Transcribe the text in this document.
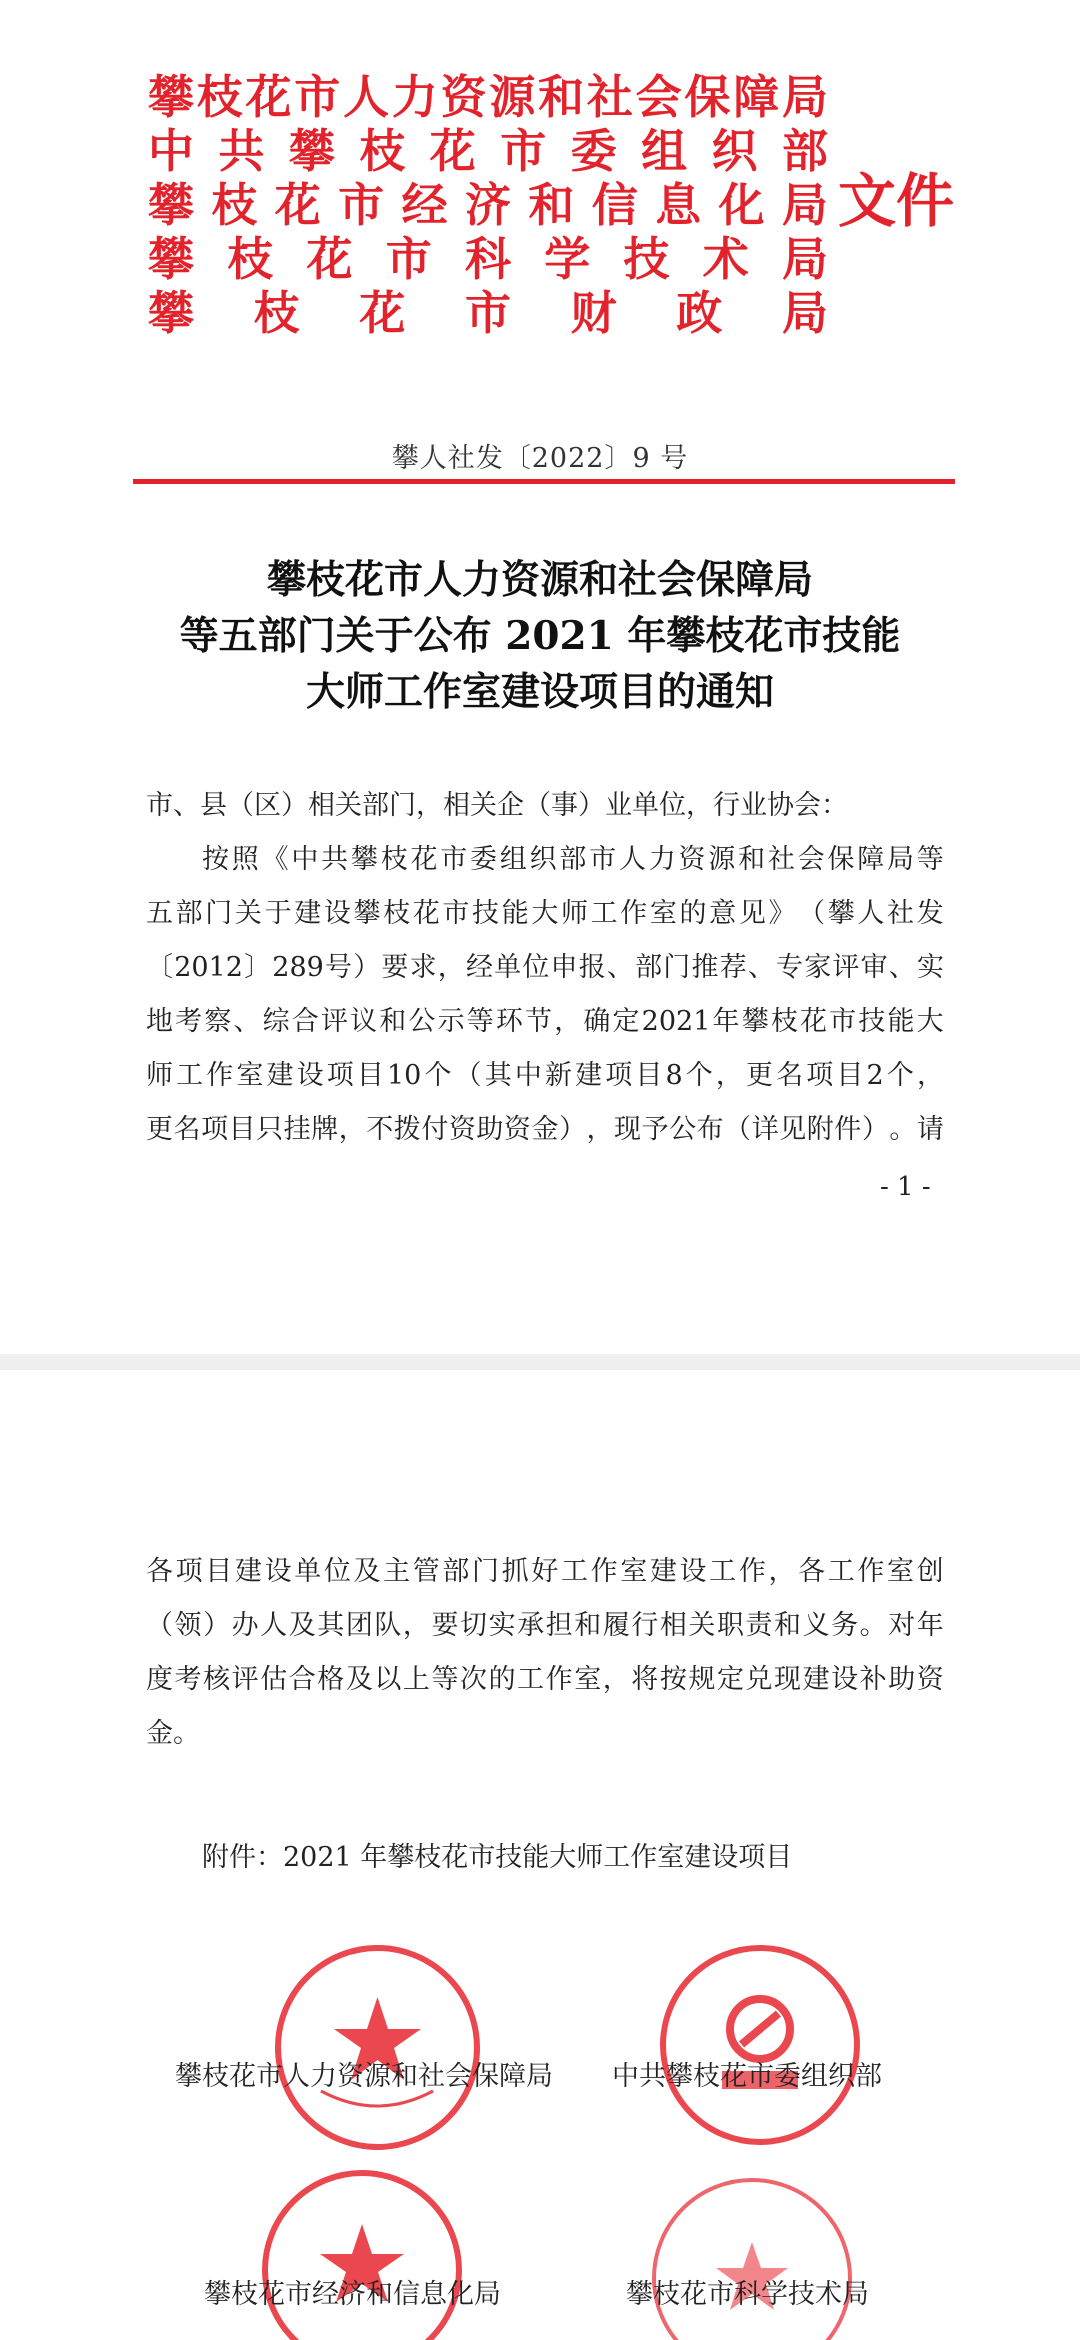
攀 枝 花 市 人 力 资 源 和 社 会 保 障 局
中 共 攀 枝 花 市 委 组 织 部
攀 枝 花 市 经 济 和 信 息 化 局
攀 枝 花 市 科 学 技 术 局
攀 枝 花 市 财 政 局
文件
攀人社发〔2022〕9 号
攀枝花市人力资源和社会保障局
等五部门关于公布 2021 年攀枝花市技能
大师工作室建设项目的通知
市、县（区）相关部门，相关企（事）业单位，行业协会：
按 照 《 中 共 攀 枝 花 市 委 组 织 部 市 人 力 资 源 和 社 会 保 障 局 等
五 部 门 关 于 建 设 攀 枝 花 市 技 能 大 师 工 作 室 的 意 见 》 （ 攀 人 社 发
〔 2012 〕 289 号 ） 要 求 ， 经 单 位 申 报 、 部 门 推 荐 、 专 家 评 审 、 实
地 考 察 、 综 合 评 议 和 公 示 等 环 节 ， 确 定 2021 年 攀 枝 花 市 技 能 大
师 工 作 室 建 设 项 目 10 个 （ 其 中 新 建 项 目 8 个 ， 更 名 项 目 2 个 ，
更 名 项 目 只 挂 牌 ， 不 拨 付 资 助 资 金 ） ， 现 予 公 布 （ 详 见 附 件 ） 。 请
- 1 -
各 项 目 建 设 单 位 及 主 管 部 门 抓 好 工 作 室 建 设 工 作 ， 各 工 作 室 创
（ 领 ） 办 人 及 其 团 队 ， 要 切 实 承 担 和 履 行 相 关 职 责 和 义 务 。 对 年
度 考 核 评 估 合 格 及 以 上 等 次 的 工 作 室 ， 将 按 规 定 兑 现 建 设 补 助 资
金。
附件：2021 年攀枝花市技能大师工作室建设项目
攀枝花市人力资源和社会保障局 中共攀枝花市委组织部
攀枝花市经济和信息化局	攀枝花市科学技术局
